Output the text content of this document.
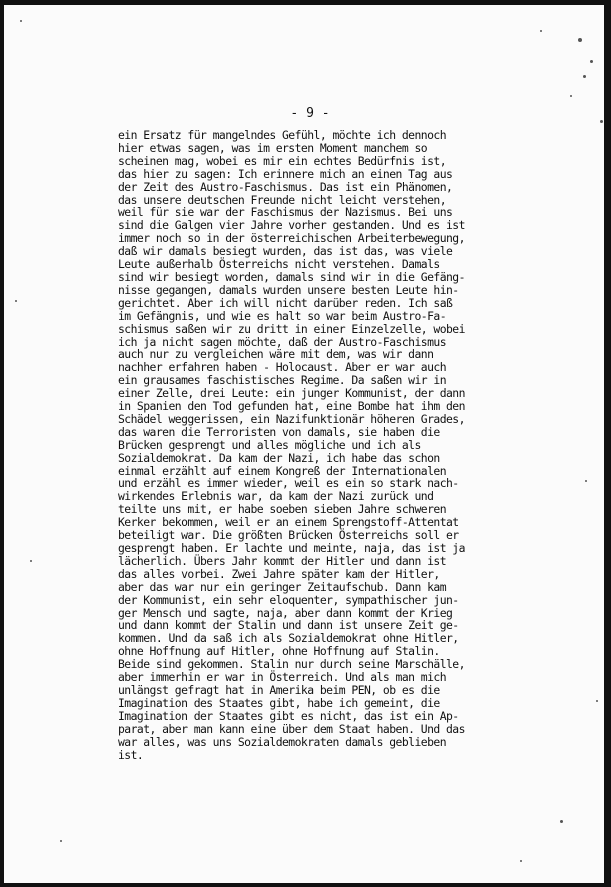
- 9 -
ein Ersatz für mangelndes Gefühl, möchte ich dennoch
hier etwas sagen, was im ersten Moment manchem so
scheinen mag, wobei es mir ein echtes Bedürfnis ist,
das hier zu sagen: Ich erinnere mich an einen Tag aus
der Zeit des Austro-Faschismus. Das ist ein Phänomen,
das unsere deutschen Freunde nicht leicht verstehen,
weil für sie war der Faschismus der Nazismus. Bei uns
sind die Galgen vier Jahre vorher gestanden. Und es ist
immer noch so in der österreichischen Arbeiterbewegung,
daß wir damals besiegt wurden, das ist das, was viele
Leute außerhalb Österreichs nicht verstehen. Damals
sind wir besiegt worden, damals sind wir in die Gefäng-
nisse gegangen, damals wurden unsere besten Leute hin-
gerichtet. Aber ich will nicht darüber reden. Ich saß
im Gefängnis, und wie es halt so war beim Austro-Fa-
schismus saßen wir zu dritt in einer Einzelzelle, wobei
ich ja nicht sagen möchte, daß der Austro-Faschismus
auch nur zu vergleichen wäre mit dem, was wir dann
nachher erfahren haben - Holocaust. Aber er war auch
ein grausames faschistisches Regime. Da saßen wir in
einer Zelle, drei Leute: ein junger Kommunist, der dann
in Spanien den Tod gefunden hat, eine Bombe hat ihm den
Schädel weggerissen, ein Nazifunktionär höheren Grades,
das waren die Terroristen von damals, sie haben die
Brücken gesprengt und alles mögliche und ich als
Sozialdemokrat. Da kam der Nazi, ich habe das schon
einmal erzählt auf einem Kongreß der Internationalen
und erzähl es immer wieder, weil es ein so stark nach-
wirkendes Erlebnis war, da kam der Nazi zurück und
teilte uns mit, er habe soeben sieben Jahre schweren
Kerker bekommen, weil er an einem Sprengstoff-Attentat
beteiligt war. Die größten Brücken Österreichs soll er
gesprengt haben. Er lachte und meinte, naja, das ist ja
lächerlich. Übers Jahr kommt der Hitler und dann ist
das alles vorbei. Zwei Jahre später kam der Hitler,
aber das war nur ein geringer Zeitaufschub. Dann kam
der Kommunist, ein sehr eloquenter, sympathischer jun-
ger Mensch und sagte, naja, aber dann kommt der Krieg
und dann kommt der Stalin und dann ist unsere Zeit ge-
kommen. Und da saß ich als Sozialdemokrat ohne Hitler,
ohne Hoffnung auf Hitler, ohne Hoffnung auf Stalin.
Beide sind gekommen. Stalin nur durch seine Marschälle,
aber immerhin er war in Österreich. Und als man mich
unlängst gefragt hat in Amerika beim PEN, ob es die
Imagination des Staates gibt, habe ich gemeint, die
Imagination der Staates gibt es nicht, das ist ein Ap-
parat, aber man kann eine über dem Staat haben. Und das
war alles, was uns Sozialdemokraten damals geblieben
ist.
